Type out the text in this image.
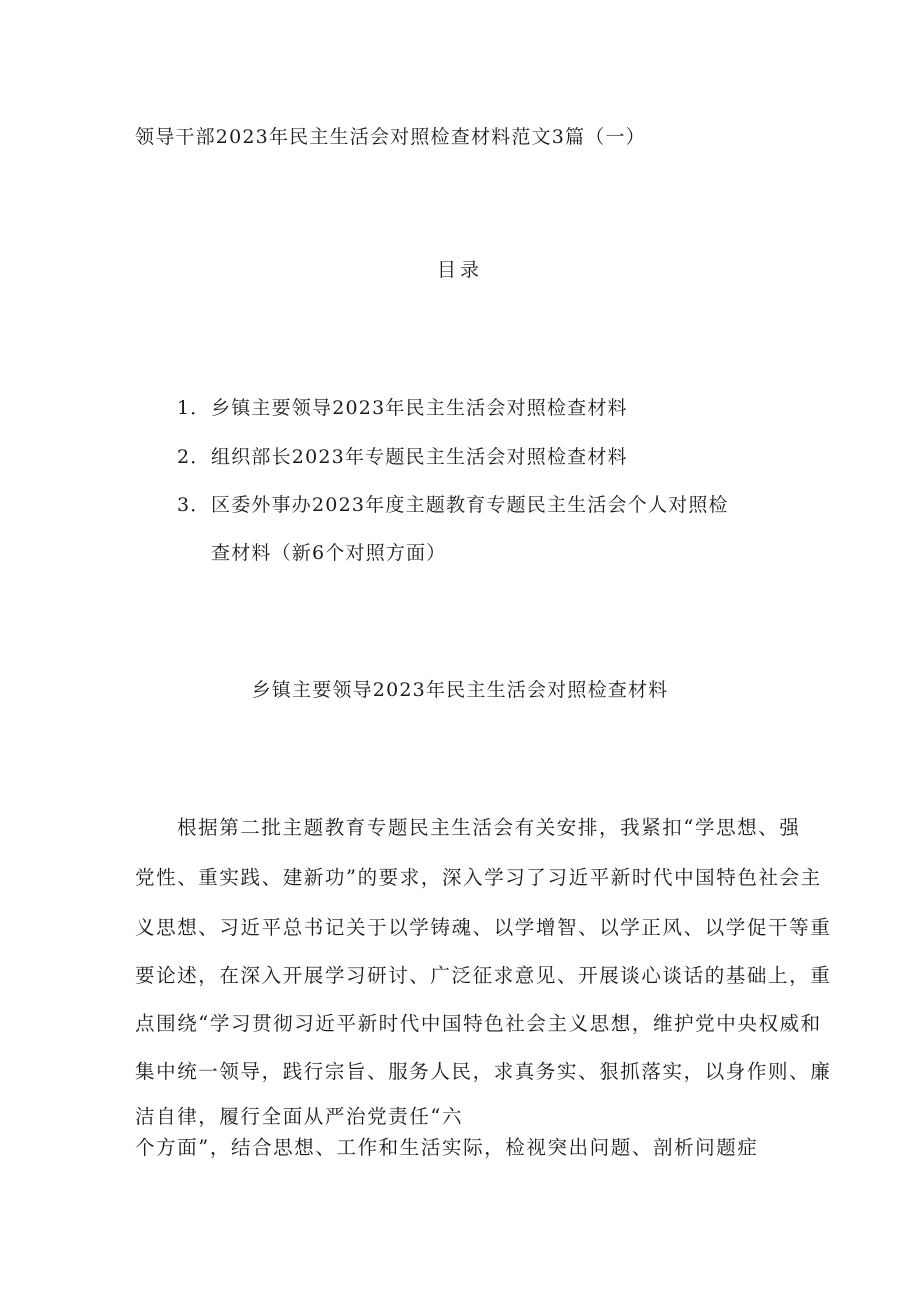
领导干部2023年民主生活会对照检查材料范文3篇（一）
目录
1．乡镇主要领导2023年民主生活会对照检查材料
2．组织部长2023年专题民主生活会对照检查材料
3．区委外事办2023年度主题教育专题民主生活会个人对照检
查材料（新6个对照方面）
乡镇主要领导2023年民主生活会对照检查材料
根据第二批主题教育专题民主生活会有关安排，我紧扣“学思想、强
党性、重实践、建新功”的要求，深入学习了习近平新时代中国特色社会主
义思想、习近平总书记关于以学铸魂、以学增智、以学正风、以学促干等重
要论述，在深入开展学习研讨、广泛征求意见、开展谈心谈话的基础上，重
点围绕“学习贯彻习近平新时代中国特色社会主义思想，维护党中央权威和
集中统一领导，践行宗旨、服务人民，求真务实、狠抓落实，以身作则、廉
洁自律，履行全面从严治党责任“六
个方面”，结合思想、工作和生活实际，检视突出问题、剖析问题症
